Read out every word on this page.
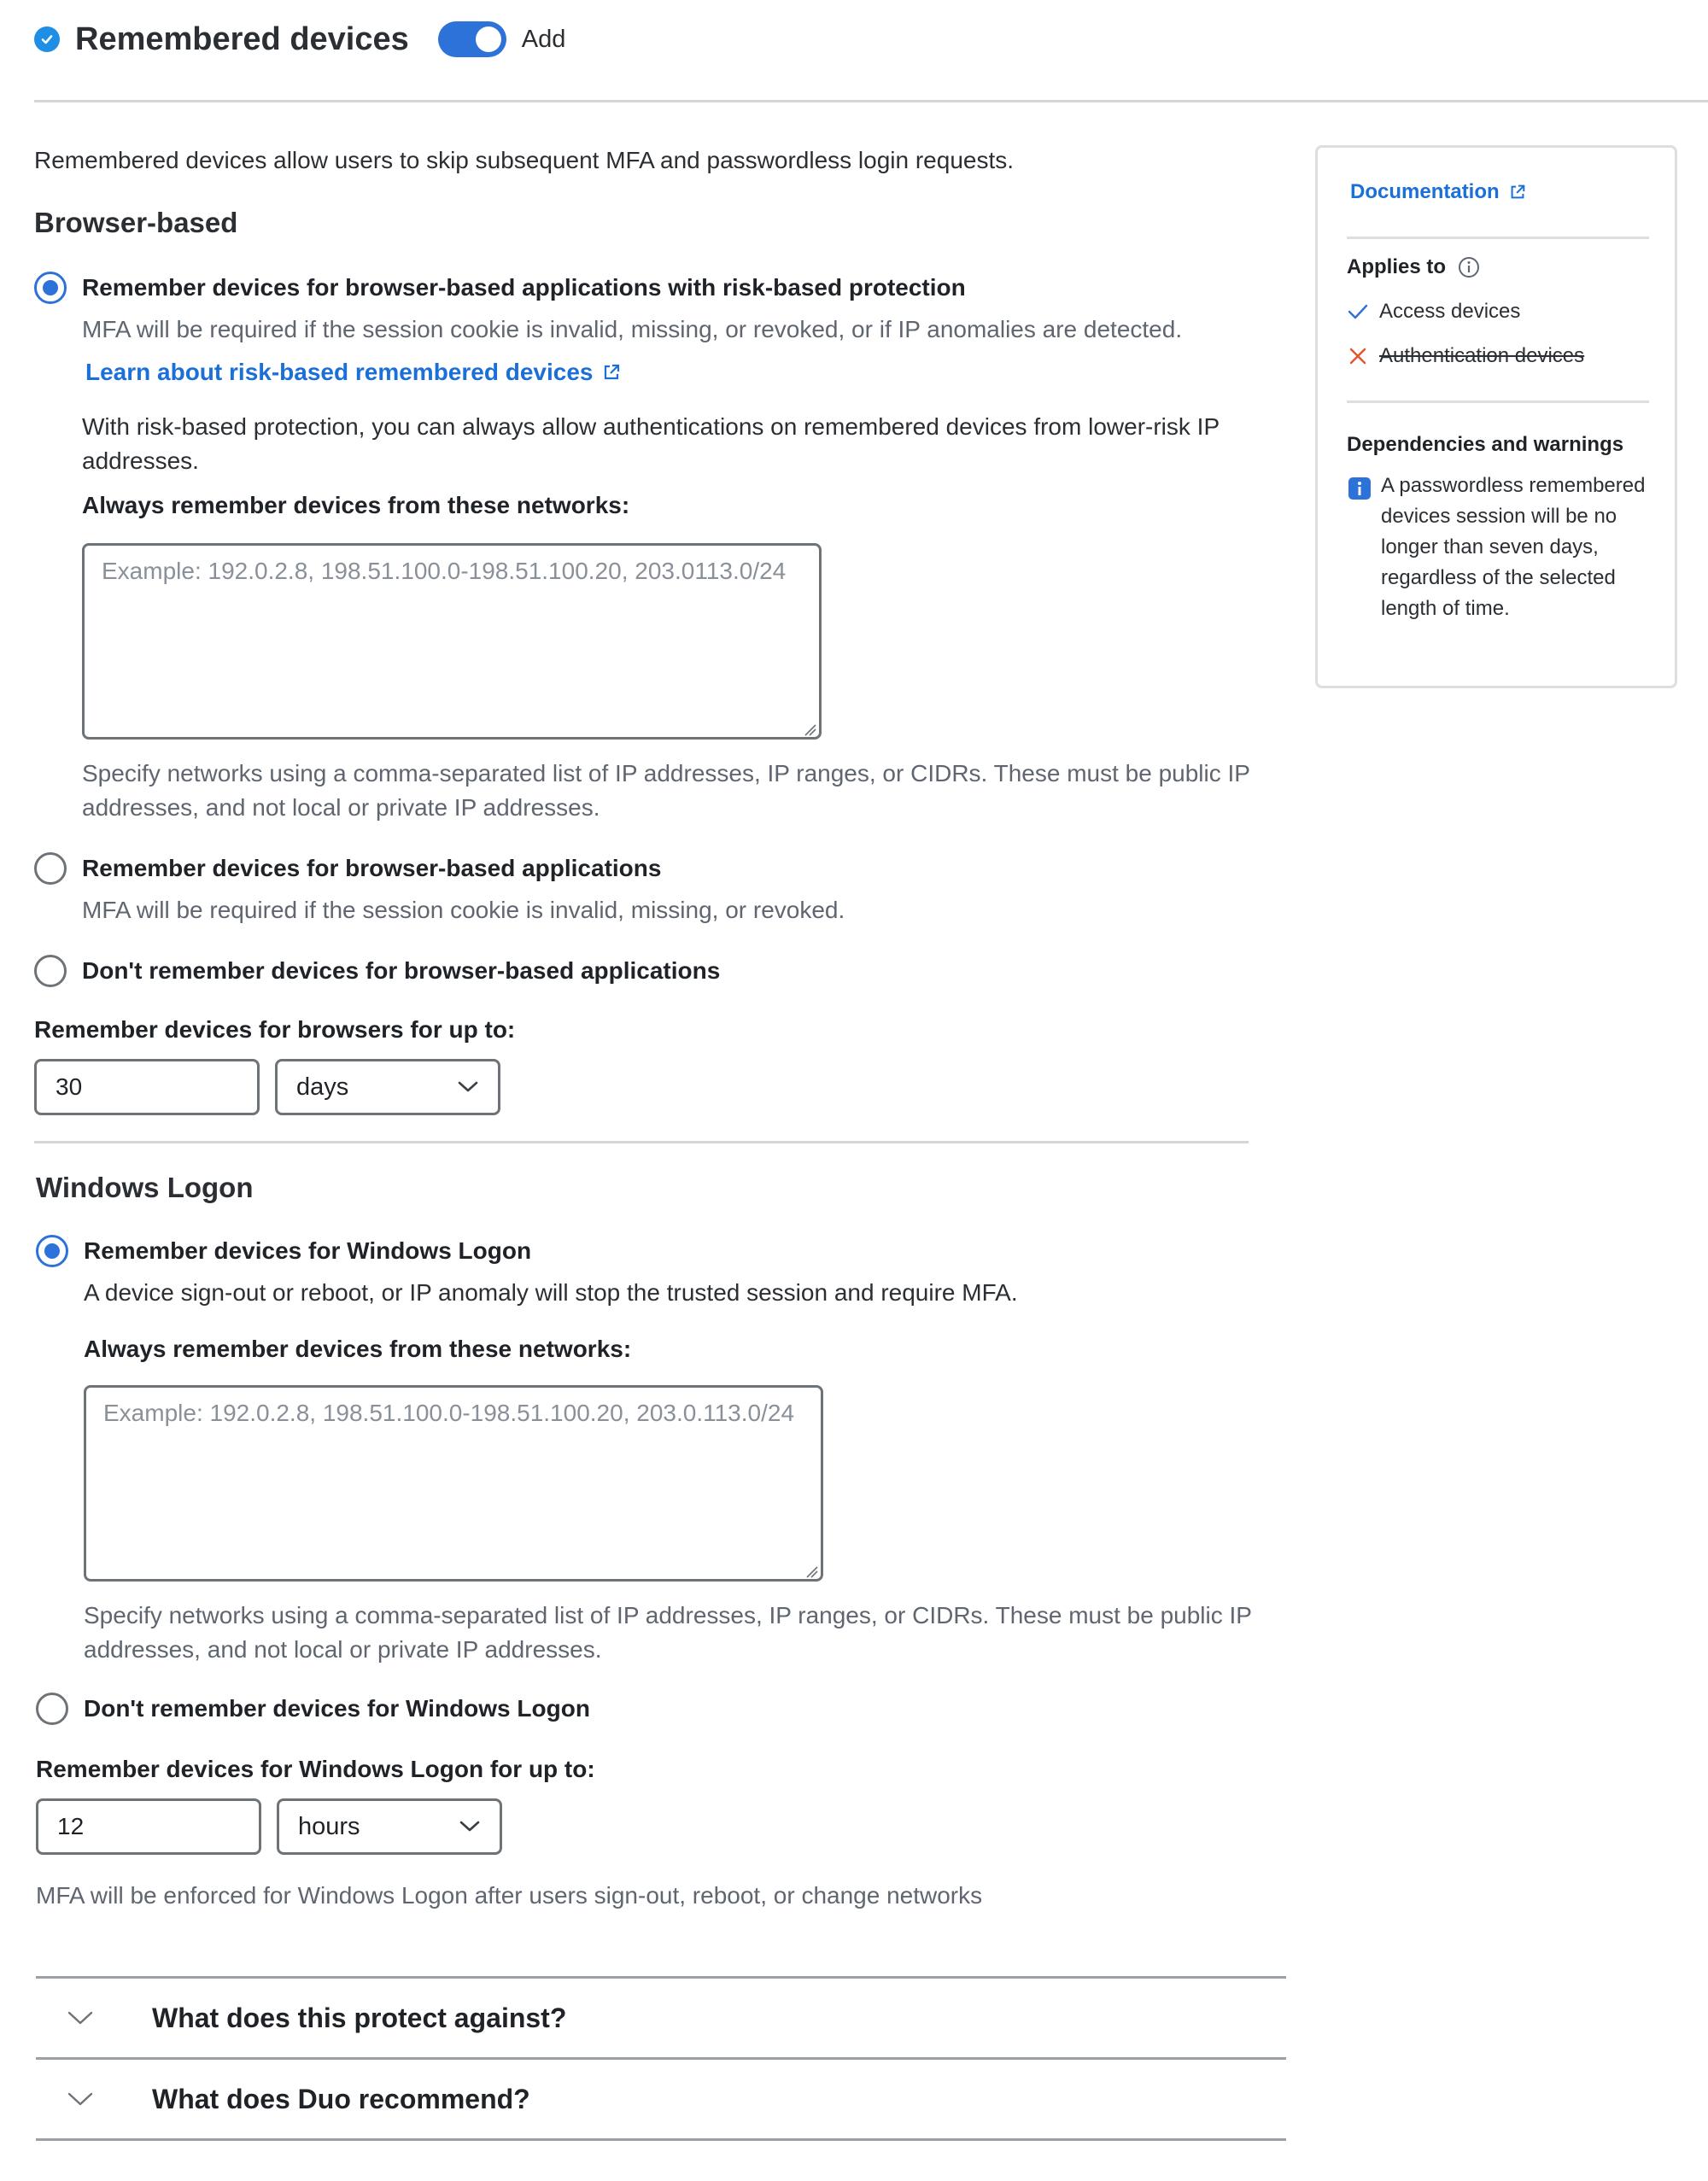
Remembered devices	Add
Remembered devices allow users to skip subsequent MFA and passwordless login requests.
Browser-based
Remember devices for browser-based applications with risk-based protection
MFA will be required if the session cookie is invalid, missing, or revoked, or if IP anomalies are detected.
Learn about risk-based remembered devices
With risk-based protection, you can always allow authentications on remembered devices from lower-risk IP addresses.
Always remember devices from these networks:
Example: 192.0.2.8, 198.51.100.0-198.51.100.20, 203.0113.0/24
Specify networks using a comma-separated list of IP addresses, IP ranges, or CIDRs. These must be public IP addresses, and not local or private IP addresses.
Remember devices for browser-based applications
MFA will be required if the session cookie is invalid, missing, or revoked.
Don't remember devices for browser-based applications
Remember devices for browsers for up to:
30
days
Windows Logon
Remember devices for Windows Logon
A device sign-out or reboot, or IP anomaly will stop the trusted session and require MFA.
Always remember devices from these networks:
Example: 192.0.2.8, 198.51.100.0-198.51.100.20, 203.0.113.0/24
Specify networks using a comma-separated list of IP addresses, IP ranges, or CIDRs. These must be public IP addresses, and not local or private IP addresses.
Don't remember devices for Windows Logon
Remember devices for Windows Logon for up to:
12
hours
MFA will be enforced for Windows Logon after users sign-out, reboot, or change networks
What does this protect against?
What does Duo recommend?
Documentation
Applies to
Access devices
Authentication devices
Dependencies and warnings
A passwordless remembered devices session will be no longer than seven days, regardless of the selected length of time.
